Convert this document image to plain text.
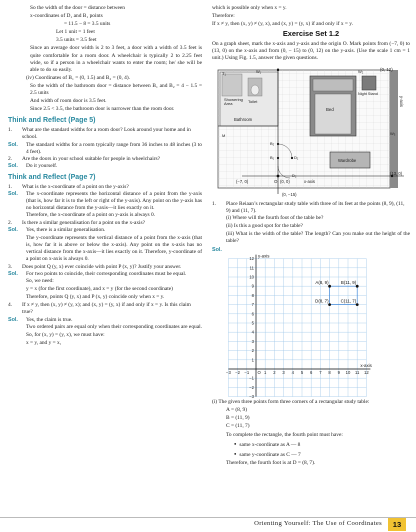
So the width of the door = distance between

x-coordinates of D₁ and B₁ points

= 11.5 − 8 = 3.5 units

Let 1 unit = 1 feet

3.5 units = 3.5 feet

Since an average door width is 2 to 3 feet, a door with a width of 3.5 feet is quite comfortable for a room door. A wheelchair is typically 2 to 2.25 feet wide, so if a person in a wheelchair wants to enter the room; he/ she will be able to do so easily.

(iv) Coordinates of B₁ = (0, 1.5) and B₂ = (0, 4).

So the width of the bathroom door = distance between B₁ and B₂ = 4 − 1.5 = 2.5 units

And width of room door is 3.5 feet.

Since 2.5 < 3.5, the bathroom door is narrower than the room door.

Think and Reflect (Page 5)
1.	What are the standard widths for a room door? Look around your home and in school.
Sol.	The standard widths for a room typically range from 36 inches to 48 inches (3 to 4 feet).
2.	Are the doors in your school suitable for people in wheelchairs?
Sol.	Do it yourself.
Think and Reflect (Page 7)
1.	What is the x-coordinate of a point on the y-axis?
Sol.	The x-coordinate represents the horizontal distance of a point from the y-axis (that is, how far it is to the left or right of the y-axis). Any point on the y-axis has no horizontal distance from the y-axis—it lies exactly on it.

Therefore, the x-coordinate of a point on y-axis is always 0.

2.	Is there a similar generalisation for a point on the x-axis?
Sol.	Yes, there is a similar generalisation.

The y-coordinate represents the vertical distance of a point from the x-axis (that is, how far it is above or below the x-axis). Any point on the x-axis has no vertical distance from the x-axis—it lies exactly on it. Therefore, y-coordinate of a point on x-axis is always 0.

3.	Does point Q (y, x) ever coincide with point P (x, y)? Justify your answer.
Sol.	For two points to coincide, their corresponding coordinates must be equal.

So, we need:

y = x (for the first coordinate), and x = y (for the second coordinate)

Therefore, points Q (y, x) and P (x, y) coincide only when x = y.

4.	If x ≠ y, then (x, y) ≠ (y, x); and (x, y) = (y, x) if and only if x = y. Is this claim true?
Sol.	Yes, the claim is true.

Two ordered pairs are equal only when their corresponding coordinates are equal.

So, for (x, y) = (y, x), we must have:

x = y, and y = x,

which is possible only when x = y.

Therefore:

If x ≠ y, then (x, y) ≠ (y, x), and (x, y) = (y, x) if and only if x = y.

Exercise Set 1.2

On a graph sheet, mark the x-axis and y-axis and the origin O. Mark points from (−7, 0) to (13, 0) on the x-axis and from (0, − 15) to (0, 12) on the y-axis. (Use the scale 1 cm = 1 unit.) Using Fig. 1.5, answer the given questions.

(0, 12)
Showering Area	Toilet
Bathroom
Bed
Night Stand
Wardrobe
O
(13, 0)
(0, 0)
(−7, 0)
(0, −15)
x-axis
y-axis
B₂
B₁	D₁
D₂
W₁	W₂
W₃
M
T₁
1.	Place Reiaan’s rectangular study table with three of its feet at the points (8, 9), (11, 9) and (11, 7).

(i) Where will the fourth foot of the table be?

(ii) Is this a good spot for the table?

(iii) What is the width of the table? The length? Can you make out the height of the table?

Sol.
−3 −2 −1	1 2 3 4 5 6 7 8 9 10 11 12
−3
−2
−1
1
2
3
4
5
6
7
8
9
10
11
12
O
y-axis
x-axis
A(8, 9)	B(11, 9)
D(8, 7)	C(11, 7)

(i) The given three points form three corners of a rectangular study table:

A = (8, 9)

B = (11, 9)

C = (11, 7)

To complete the rectangle, the fourth point must have:

● same x-coordinate as A — 8

● same y-coordinate as C — 7

Therefore, the fourth foot is at D = (8, 7).

Orienting Yourself: The Use of Coordinates	13
